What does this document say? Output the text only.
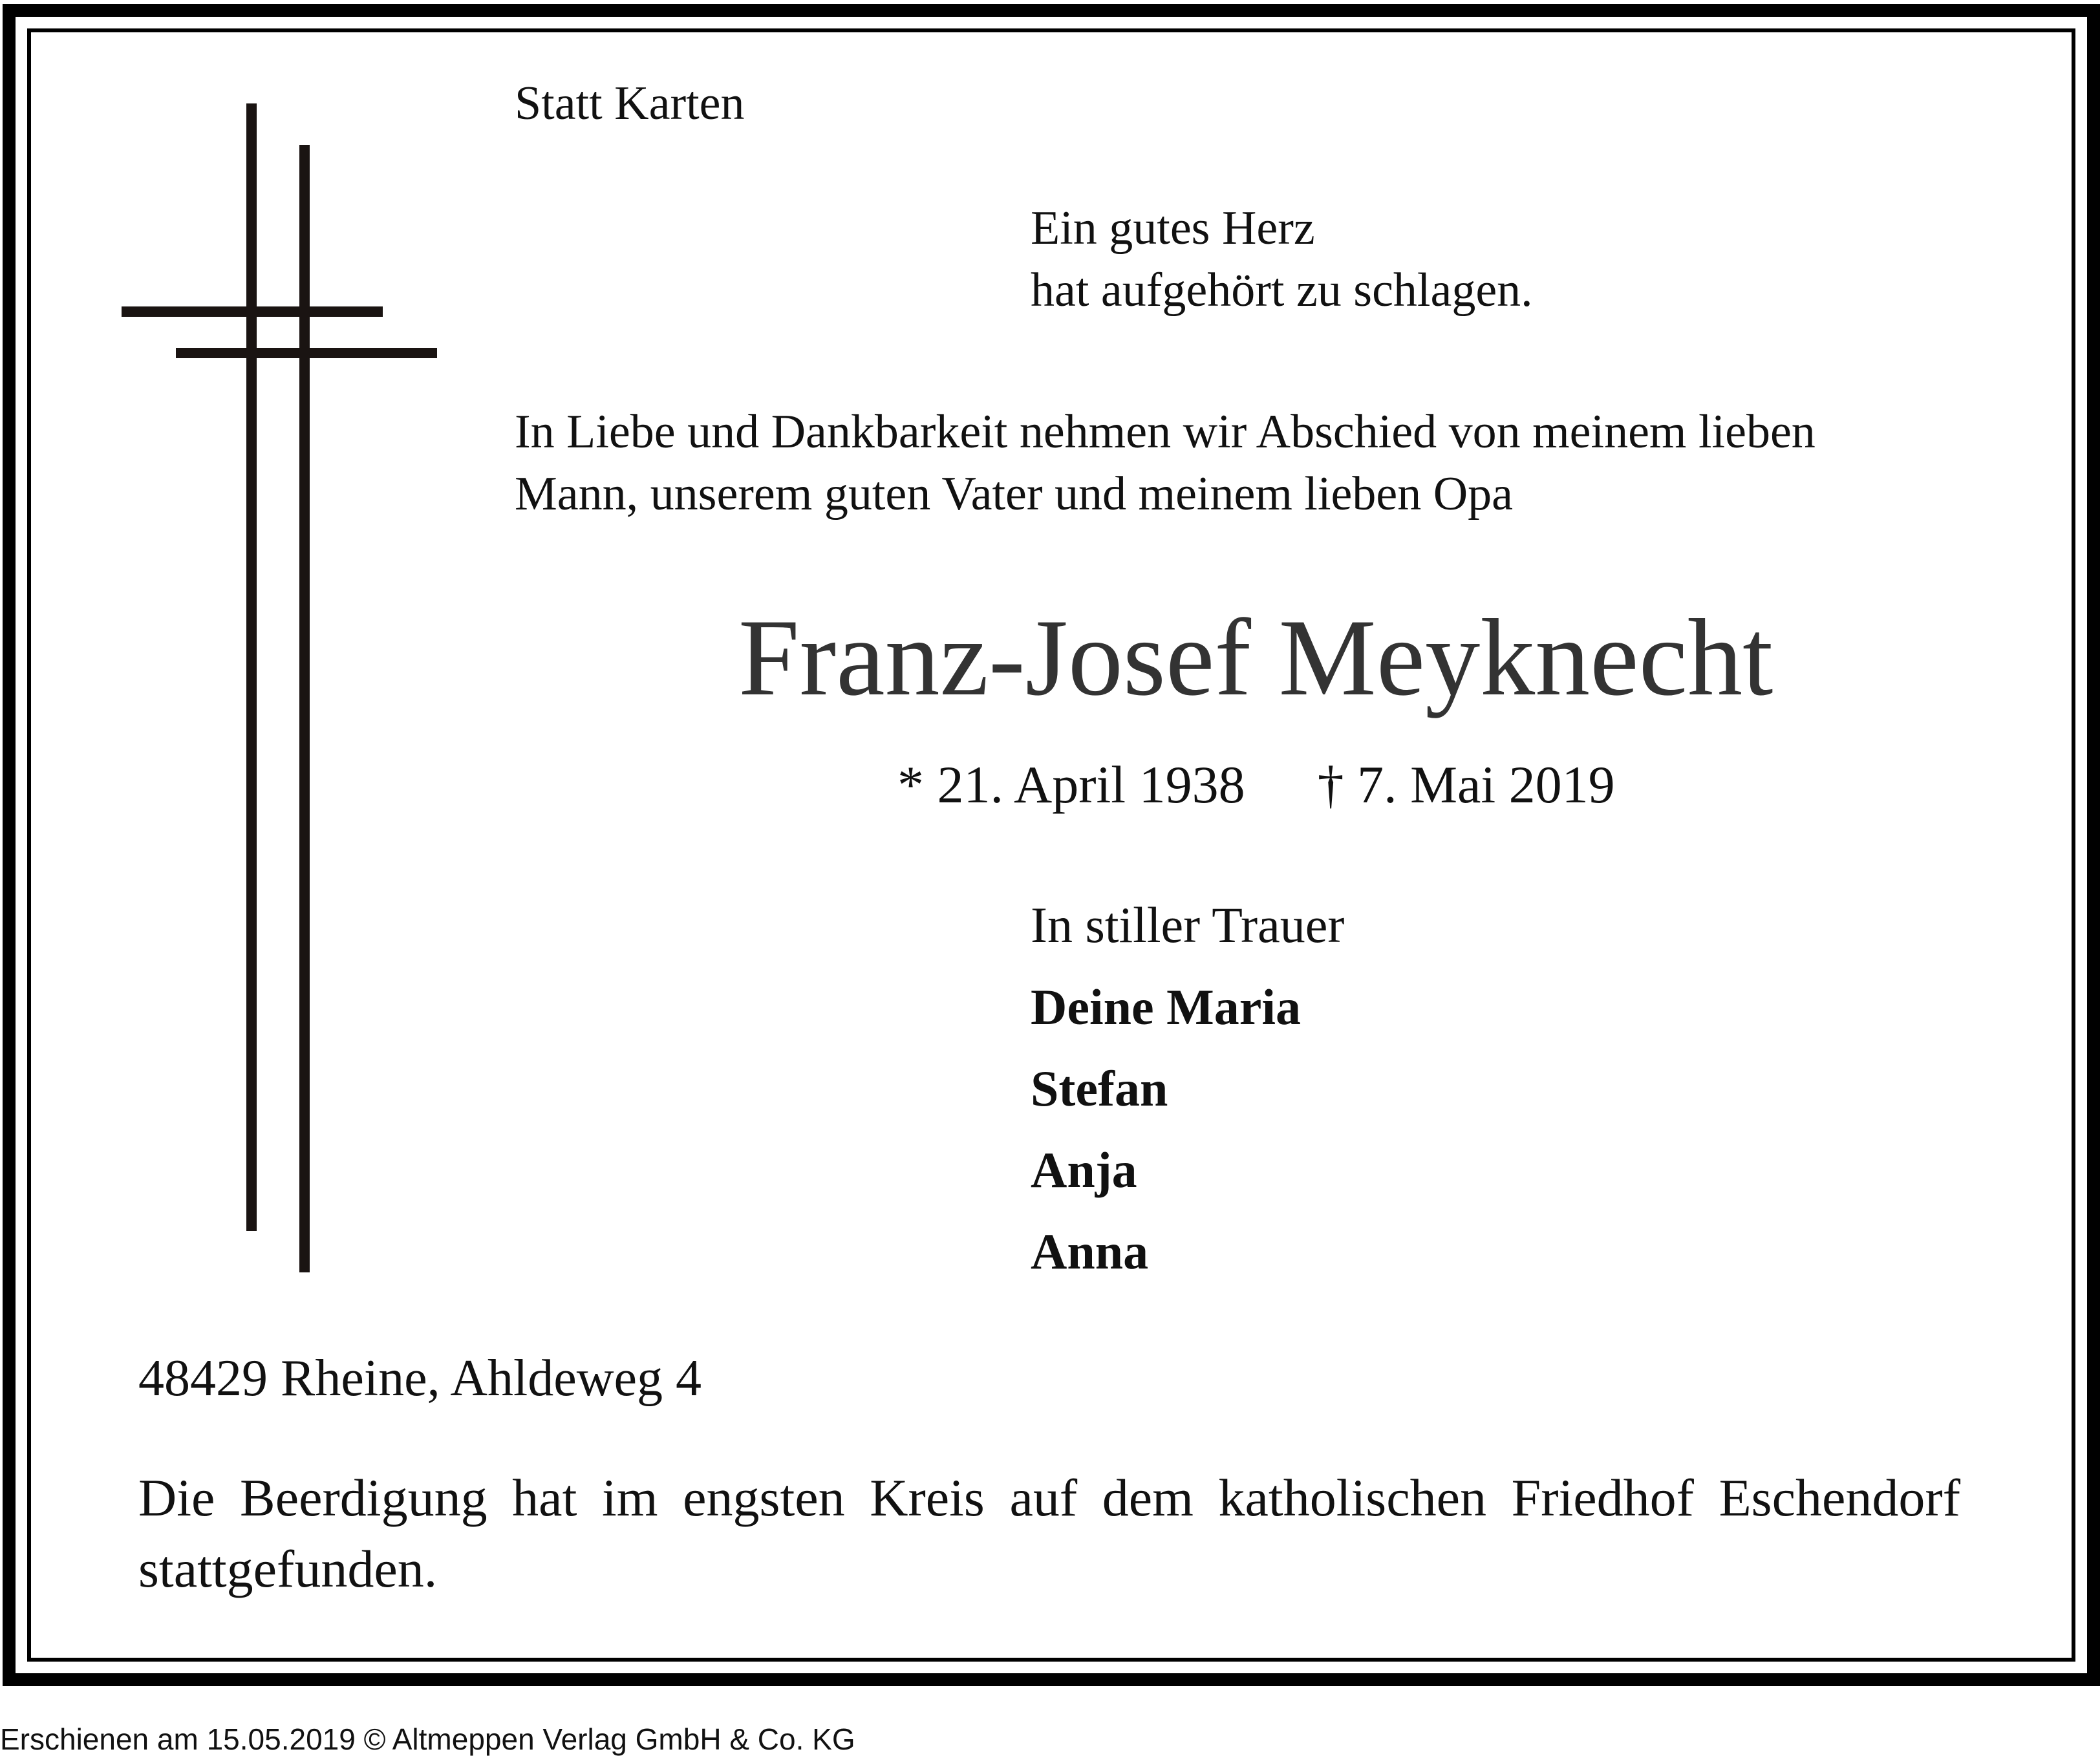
Statt Karten

Ein gutes Herz

hat aufgehört zu schlagen.

In Liebe und Dankbarkeit nehmen wir Abschied von meinem lieben

Mann, unserem guten Vater und meinem lieben Opa

Franz-Josef Meyknecht

* 21. April 1938 † 7. Mai 2019

In stiller Trauer

Deine Maria

Stefan

Anja

Anna

48429 Rheine, Ahldeweg 4

Die Beerdigung hat im engsten Kreis auf dem katholischen Friedhof Eschendorf stattgefunden.

Erschienen am 15.05.2019 © Altmeppen Verlag GmbH & Co. KG
